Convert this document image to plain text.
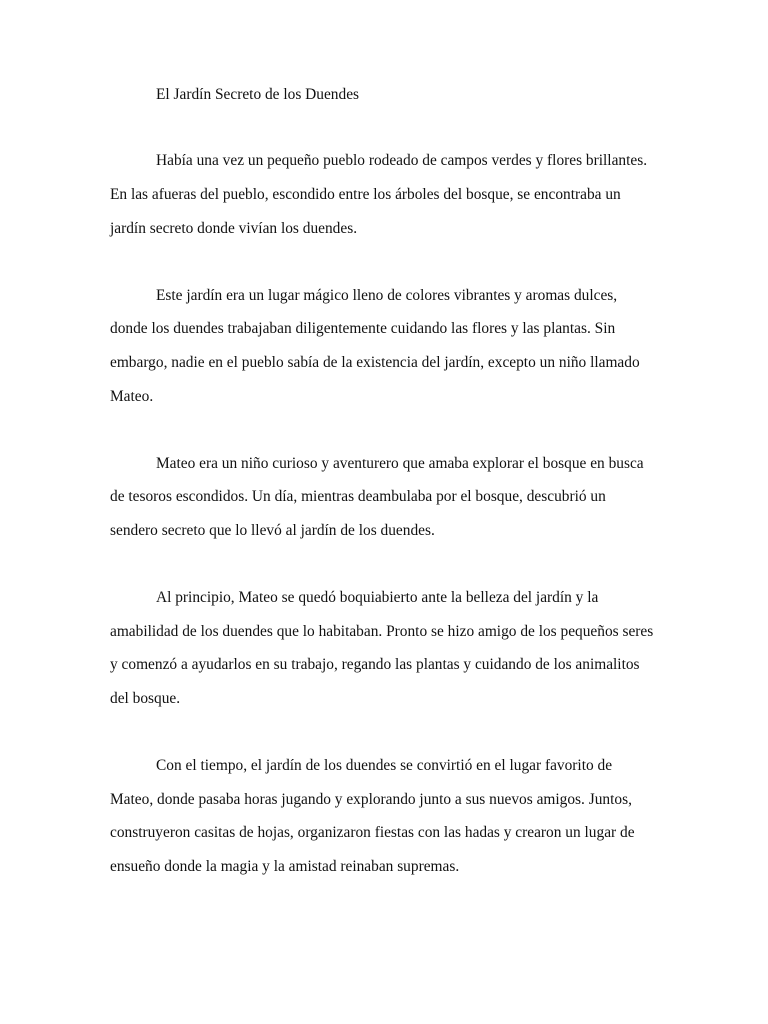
El Jardín Secreto de los Duendes

Había una vez un pequeño pueblo rodeado de campos verdes y flores brillantes.

En las afueras del pueblo, escondido entre los árboles del bosque, se encontraba un

jardín secreto donde vivían los duendes.

Este jardín era un lugar mágico lleno de colores vibrantes y aromas dulces,

donde los duendes trabajaban diligentemente cuidando las flores y las plantas. Sin

embargo, nadie en el pueblo sabía de la existencia del jardín, excepto un niño llamado

Mateo.

Mateo era un niño curioso y aventurero que amaba explorar el bosque en busca

de tesoros escondidos. Un día, mientras deambulaba por el bosque, descubrió un

sendero secreto que lo llevó al jardín de los duendes.

Al principio, Mateo se quedó boquiabierto ante la belleza del jardín y la

amabilidad de los duendes que lo habitaban. Pronto se hizo amigo de los pequeños seres

y comenzó a ayudarlos en su trabajo, regando las plantas y cuidando de los animalitos

del bosque.

Con el tiempo, el jardín de los duendes se convirtió en el lugar favorito de

Mateo, donde pasaba horas jugando y explorando junto a sus nuevos amigos. Juntos,

construyeron casitas de hojas, organizaron fiestas con las hadas y crearon un lugar de

ensueño donde la magia y la amistad reinaban supremas.
